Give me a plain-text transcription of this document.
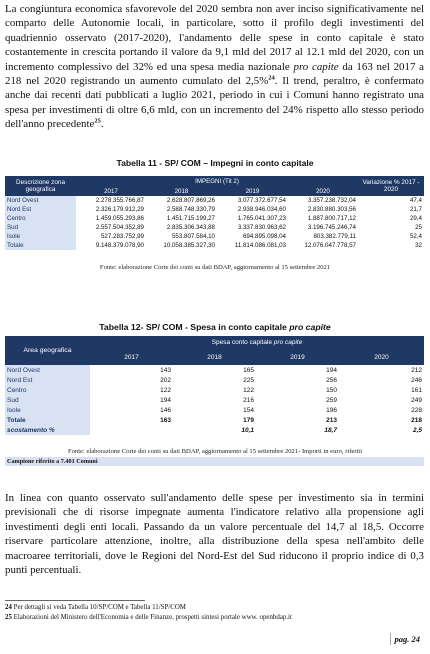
La congiuntura economica sfavorevole del 2020 sembra non aver inciso significativamente nel comparto delle Autonomie locali, in particolare, sotto il profilo degli investimenti del quadriennio osservato (2017-2020), l'andamento delle spese in conto capitale è stato costantemente in crescita portando il valore da 9,1 mld del 2017 al 12.1 mld del 2020, con un incremento complessivo del 32% ed una spesa media nazionale pro capite da 163 nel 2017 a 218 nel 2020 registrando un aumento cumulato del 2,5%$^{24}$. Il trend, peraltro, è confermato anche dai recenti dati pubblicati a luglio 2021, periodo in cui i Comuni hanno registrato una spesa per investimenti di oltre 6,6 mld, con un incremento del 24% rispetto allo stesso periodo dell'anno precedente$^{25}$.

Tabella 11 - SP/ COM – Impegni in conto capitale
Descrizione zona geografica	IMPEGNI (Tit 2)				Variazione % 2017 - 2020
	2017	2018	2019	2020	
Nord Ovest	2.278.355.766,87	2.628.807.869,26	3.077.372.677,54	3.357.238.732,04	47,4
Nord Est	2.326.179.912,29	2.588.748.330,79	2.938.946.034,60	2.830.880.303,56	21,7
Centro	1.459.055.293,86	1.451.715.199,27	1.765.041.307,23	1.887.800.717,12	29,4
Sud	2.557.504.352,89	2.835.306.343,88	3.337.830.963,62	3.196.745.246,74	25
Isole	527.283.752,99	553.807.584,10	694.895.098,04	803.382.779,11	52,4
Totale	9.148.379.078,90	10.058.385.327,30	11.814.086.081,03	12.076.047.778,57	32
Fonte: elaborazione Corte dei conti su dati BDAP, aggiornamento al 15 settembre 2021
Tabella 12- SP/ COM - Spesa in conto capitale pro capite
Area geografica	Spesa conto capitale pro capite			
	2017	2018	2019	2020
Nord Ovest	143	165	194	212
Nord Est	202	225	256	246
Centro	122	122	150	161
Sud	194	216	259	249
Isole	146	154	196	228
Totale	163	179	213	218
scostamento %		10,1	18,7	2,5
Fonte: elaborazione Corte dei conti su dati BDAP, aggiornamento al 15 settembre 2021- Importi in euro, riferiti
Campione riferito a 7.401 Comuni

In linea con quanto osservato sull'andamento delle spese per investimento sia in termini previsionali che di risorse impegnate aumenta l'indicatore relativo alla propensione agli investimenti degli enti locali. Passando da un valore percentuale del 14,7 al 18,5. Occorre riservare particolare attenzione, inoltre, alla distribuzione della spesa nell'ambito delle macroaree territoriali, dove le Regioni del Nord-Est del Sud riducono il proprio indice di 0,3 punti percentuali.

24 Per dettagli si veda Tabella 10/SP/COM e Tabella 11/SP/COM
25 Elaborazioni del Ministero dell'Economia e delle Finanze, prospetti sintesi portale www. openbdap.it
pag. 24
